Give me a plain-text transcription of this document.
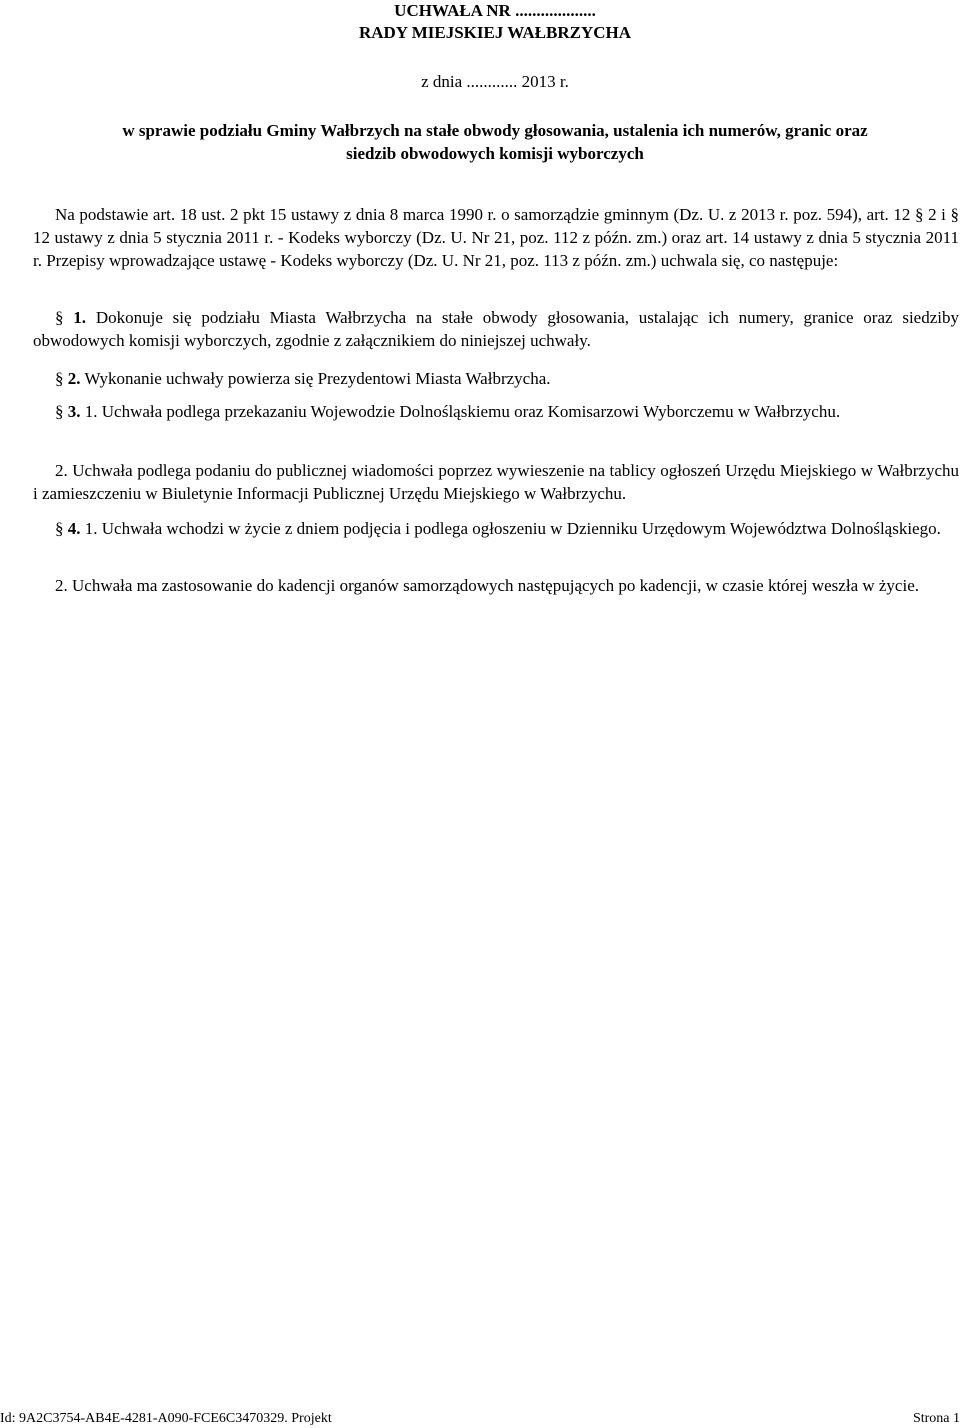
UCHWAŁA NR ...................
RADY MIEJSKIEJ WAŁBRZYCHA
z dnia ............ 2013 r.
w sprawie podziału Gminy Wałbrzych na stałe obwody głosowania, ustalenia ich numerów, granic oraz
siedzib obwodowych komisji wyborczych
Na podstawie art. 18 ust. 2 pkt 15 ustawy z dnia 8 marca 1990 r. o samorządzie gminnym (Dz. U. z 2013 r. poz. 594), art. 12 § 2 i § 12 ustawy z dnia 5 stycznia 2011 r. - Kodeks wyborczy (Dz. U. Nr 21, poz. 112 z późn. zm.) oraz art. 14 ustawy z dnia 5 stycznia 2011 r. Przepisy wprowadzające ustawę - Kodeks wyborczy (Dz. U. Nr 21, poz. 113 z późn. zm.) uchwala się, co następuje:
§ 1. Dokonuje się podziału Miasta Wałbrzycha na stałe obwody głosowania, ustalając ich numery, granice oraz siedziby obwodowych komisji wyborczych, zgodnie z załącznikiem do niniejszej uchwały.
§ 2. Wykonanie uchwały powierza się Prezydentowi Miasta Wałbrzycha.
§ 3. 1. Uchwała podlega przekazaniu Wojewodzie Dolnośląskiemu oraz Komisarzowi Wyborczemu w Wałbrzychu.
2. Uchwała podlega podaniu do publicznej wiadomości poprzez wywieszenie na tablicy ogłoszeń Urzędu Miejskiego w Wałbrzychu i zamieszczeniu w Biuletynie Informacji Publicznej Urzędu Miejskiego w Wałbrzychu.
§ 4. 1. Uchwała wchodzi w życie z dniem podjęcia i podlega ogłoszeniu w Dzienniku Urzędowym Województwa Dolnośląskiego.
2. Uchwała ma zastosowanie do kadencji organów samorządowych następujących po kadencji, w czasie której weszła w życie.
Id: 9A2C3754-AB4E-4281-A090-FCE6C3470329. Projekt	Strona 1
